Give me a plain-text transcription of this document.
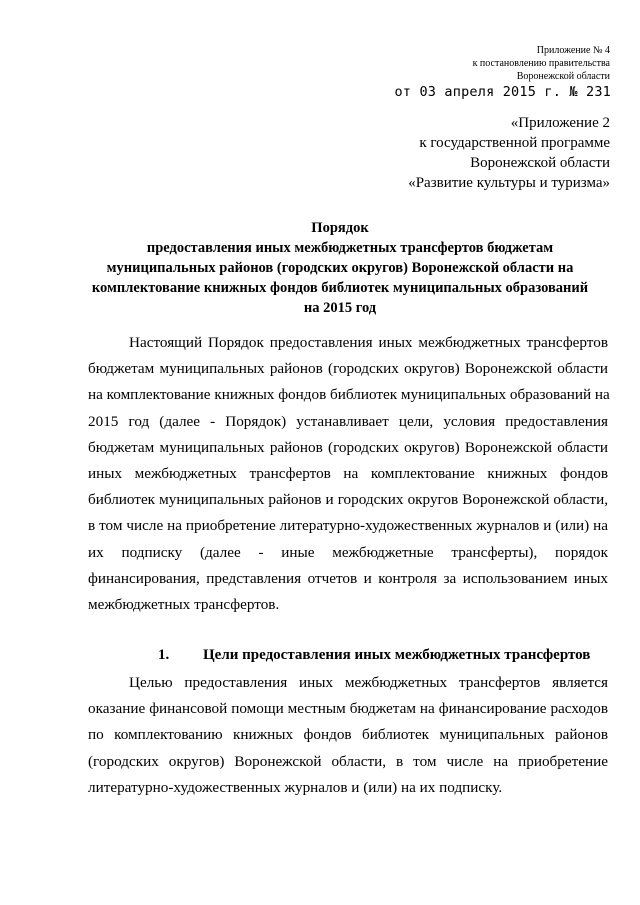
Приложение № 4
к постановлению правительства
Воронежской области
от 03 апреля 2015 г. № 231
«Приложение 2
к государственной программе
Воронежской области
«Развитие культуры и туризма»
Порядок
предоставления иных межбюджетных трансфертов бюджетам
муниципальных районов (городских округов) Воронежской области на
комплектование книжных фондов библиотек муниципальных образований
на 2015 год
Настоящий Порядок предоставления иных межбюджетных трансфертов
бюджетам муниципальных районов (городских округов) Воронежской области
на комплектование книжных фондов библиотек муниципальных образований на
2015 год (далее - Порядок) устанавливает цели, условия предоставления
бюджетам муниципальных районов (городских округов) Воронежской области
иных межбюджетных трансфертов на комплектование книжных фондов
библиотек муниципальных районов и городских округов Воронежской области,
в том числе на приобретение литературно-художественных журналов и (или) на
их подписку (далее - иные межбюджетные трансферты), порядок
финансирования, представления отчетов и контроля за использованием иных
межбюджетных трансфертов.
1. Цели предоставления иных межбюджетных трансфертов
Целью предоставления иных межбюджетных трансфертов является
оказание финансовой помощи местным бюджетам на финансирование расходов
по комплектованию книжных фондов библиотек муниципальных районов
(городских округов) Воронежской области, в том числе на приобретение
литературно-художественных журналов и (или) на их подписку.
